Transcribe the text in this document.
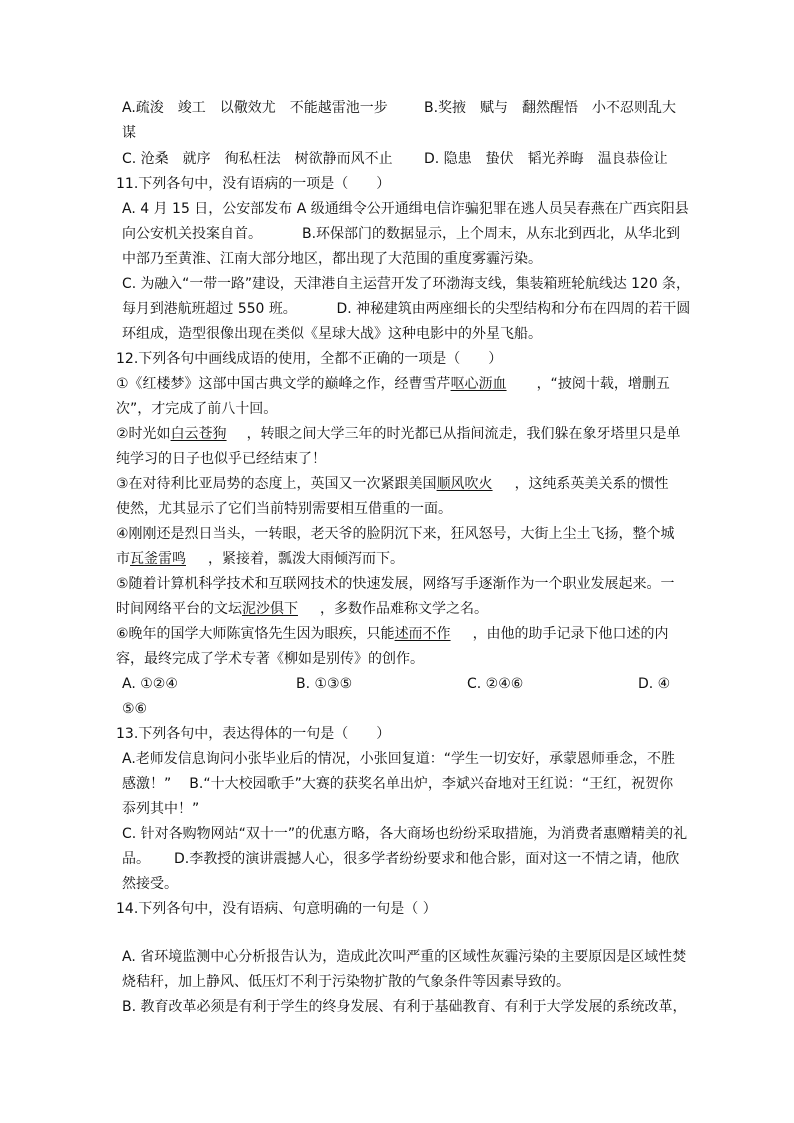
A.疏浚　竣工　以儆效尤　不能越雷池一步	B.奖掖　赋与　翻然醒悟　小不忍则乱大
谋
C. 沧桑　就序　徇私枉法　树欲静而风不止 D. 隐患　蛰伏　韬光养晦　温良恭俭让
11.下列各句中，没有语病的一项是（　　）
A. 4 月 15 日，公安部发布 A 级通缉令公开通缉电信诈骗犯罪在逃人员吴春燕在广西宾阳县
向公安机关投案自首。	B.环保部门的数据显示，上个周末，从东北到西北，从华北到
中部乃至黄淮、江南大部分地区，都出现了大范围的重度雾霾污染。
C. 为融入“一带一路”建设，天津港自主运营开发了环渤海支线，集装箱班轮航线达 120 条，
每月到港航班超过 550 班。	D. 神秘建筑由两座细长的尖型结构和分布在四周的若干圆
环组成，造型很像出现在类似《星球大战》这种电影中的外星飞船。
12.下列各句中画线成语的使用，全都不正确的一项是（　　）
①《红楼梦》这部中国古典文学的巅峰之作，经曹雪芹呕心沥血 ，“披阅十载，增删五
次”，才完成了前八十回。
②时光如白云苍狗 ，转眼之间大学三年的时光都已从指间流走，我们躲在象牙塔里只是单
纯学习的日子也似乎已经结束了！
③在对待利比亚局势的态度上，英国又一次紧跟美国顺风吹火 ，这纯系英美关系的惯性
使然，尤其显示了它们当前特别需要相互借重的一面。
④刚刚还是烈日当头，一转眼，老天爷的脸阴沉下来，狂风怒号，大街上尘土飞扬，整个城
市瓦釜雷鸣 ，紧接着，瓢泼大雨倾泻而下。
⑤随着计算机科学技术和互联网技术的快速发展，网络写手逐渐作为一个职业发展起来。一
时间网络平台的文坛泥沙俱下 ，多数作品难称文学之名。
⑥晚年的国学大师陈寅恪先生因为眼疾，只能述而不作 ，由他的助手记录下他口述的内
容，最终完成了学术专著《柳如是别传》的创作。
A. ①②④	B. ①③⑤	C. ②④⑥	D. ④
⑤⑥
13.下列各句中，表达得体的一句是（　　）
A.老师发信息询问小张毕业后的情况，小张回复道：“学生一切安好，承蒙恩师垂念，不胜
感激！” B.“十大校园歌手”大赛的获奖名单出炉，李斌兴奋地对王红说：“王红，祝贺你
忝列其中！”
C. 针对各购物网站“双十一”的优惠方略，各大商场也纷纷采取措施，为消费者惠赠精美的礼
品。 D.李教授的演讲震撼人心，很多学者纷纷要求和他合影，面对这一不情之请，他欣
然接受。
14.下列各句中，没有语病、句意明确的一句是（ ）
A. 省环境监测中心分析报告认为，造成此次叫严重的区域性灰霾污染的主要原因是区域性焚
烧秸秆，加上静风、低压灯不利于污染物扩散的气象条件等因素导致的。
B. 教育改革必须是有利于学生的终身发展、有利于基础教育、有利于大学发展的系统改革，
